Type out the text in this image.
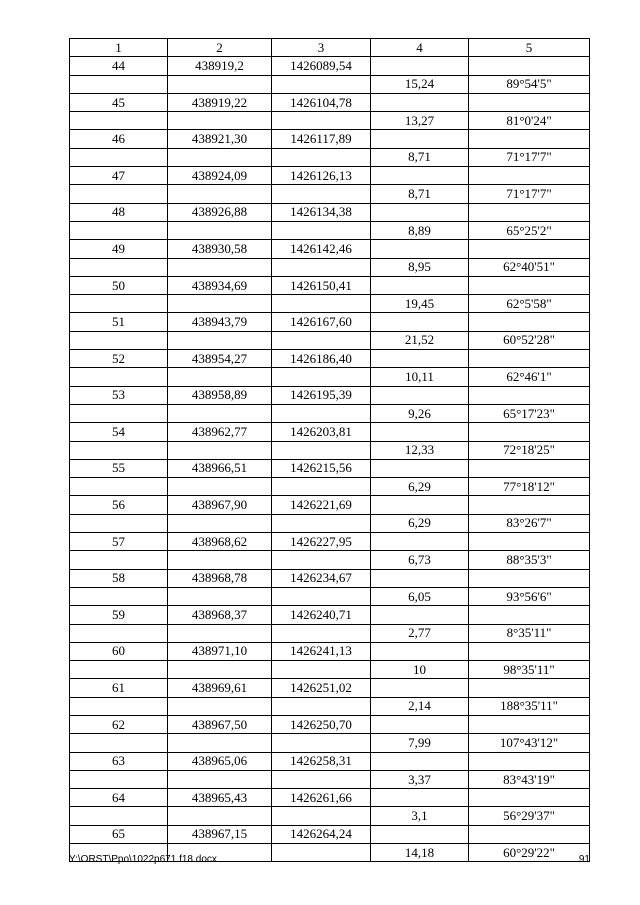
1	2	3	4	5
44	438919,2	1426089,54		
			15,24	89°54'5"
45	438919,22	1426104,78		
			13,27	81°0'24"
46	438921,30	1426117,89		
			8,71	71°17'7"
47	438924,09	1426126,13		
			8,71	71°17'7"
48	438926,88	1426134,38		
			8,89	65°25'2"
49	438930,58	1426142,46		
			8,95	62°40'51"
50	438934,69	1426150,41		
			19,45	62°5'58"
51	438943,79	1426167,60		
			21,52	60°52'28"
52	438954,27	1426186,40		
			10,11	62°46'1"
53	438958,89	1426195,39		
			9,26	65°17'23"
54	438962,77	1426203,81		
			12,33	72°18'25"
55	438966,51	1426215,56		
			6,29	77°18'12"
56	438967,90	1426221,69		
			6,29	83°26'7"
57	438968,62	1426227,95		
			6,73	88°35'3"
58	438968,78	1426234,67		
			6,05	93°56'6"
59	438968,37	1426240,71		
			2,77	8°35'11"
60	438971,10	1426241,13		
			10	98°35'11"
61	438969,61	1426251,02		
			2,14	188°35'11"
62	438967,50	1426250,70		
			7,99	107°43'12"
63	438965,06	1426258,31		
			3,37	83°43'19"
64	438965,43	1426261,66		
			3,1	56°29'37"
65	438967,15	1426264,24		
			14,18	60°29'22"
Y:\ORST\Ppo\1022p671.f18.docx	91
